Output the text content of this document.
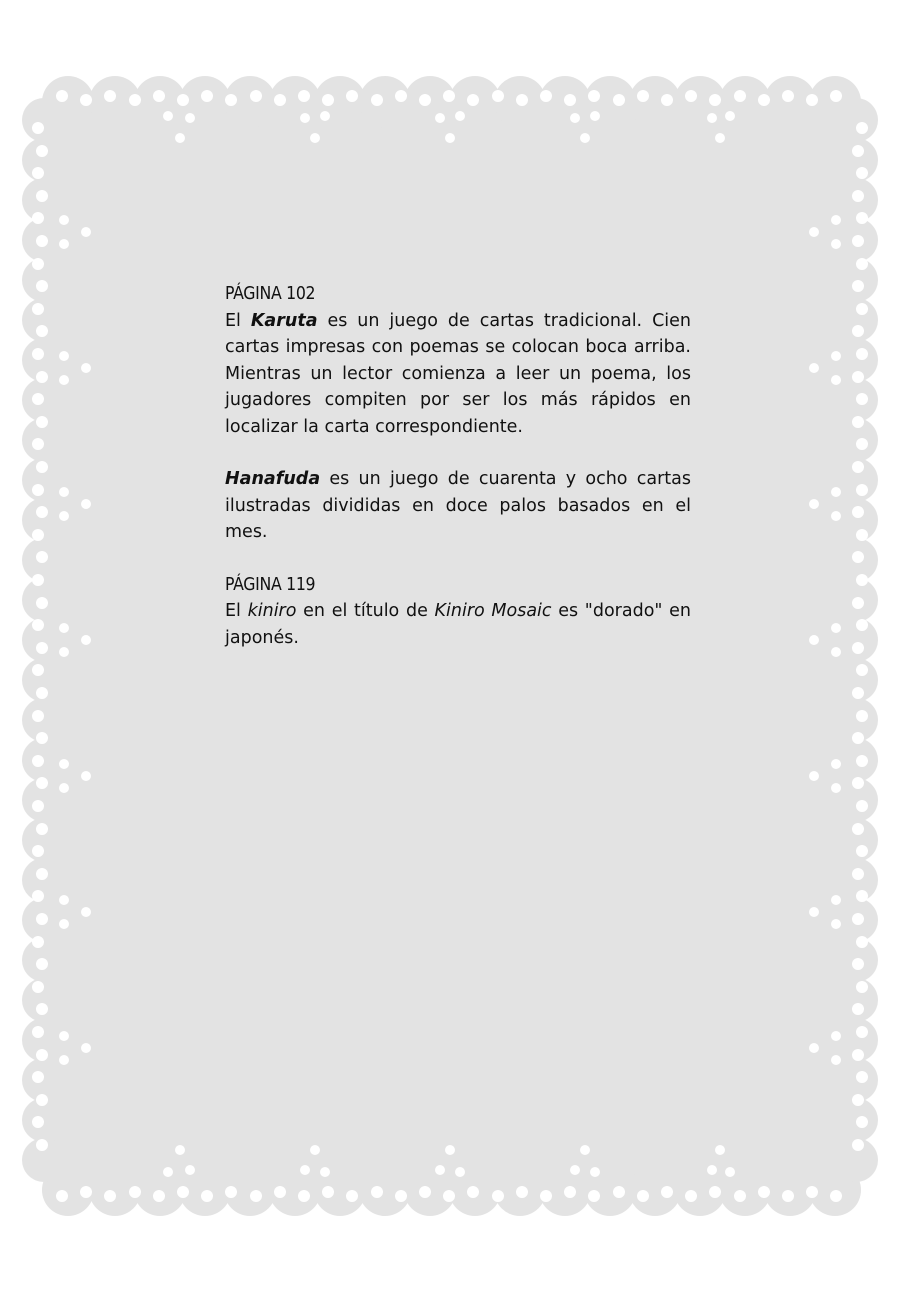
PÁGINA 102

El Karuta es un juego de cartas tradicional. Cien cartas impresas con poemas se colocan boca arriba. Mientras un lector comienza a leer un poema, los jugadores compiten por ser los más rápidos en localizar la carta correspondiente.

Hanafuda es un juego de cuarenta y ocho cartas ilustradas divididas en doce palos basados en el mes.

PÁGINA 119

El kiniro en el título de Kiniro Mosaic es "dorado" en japonés.
